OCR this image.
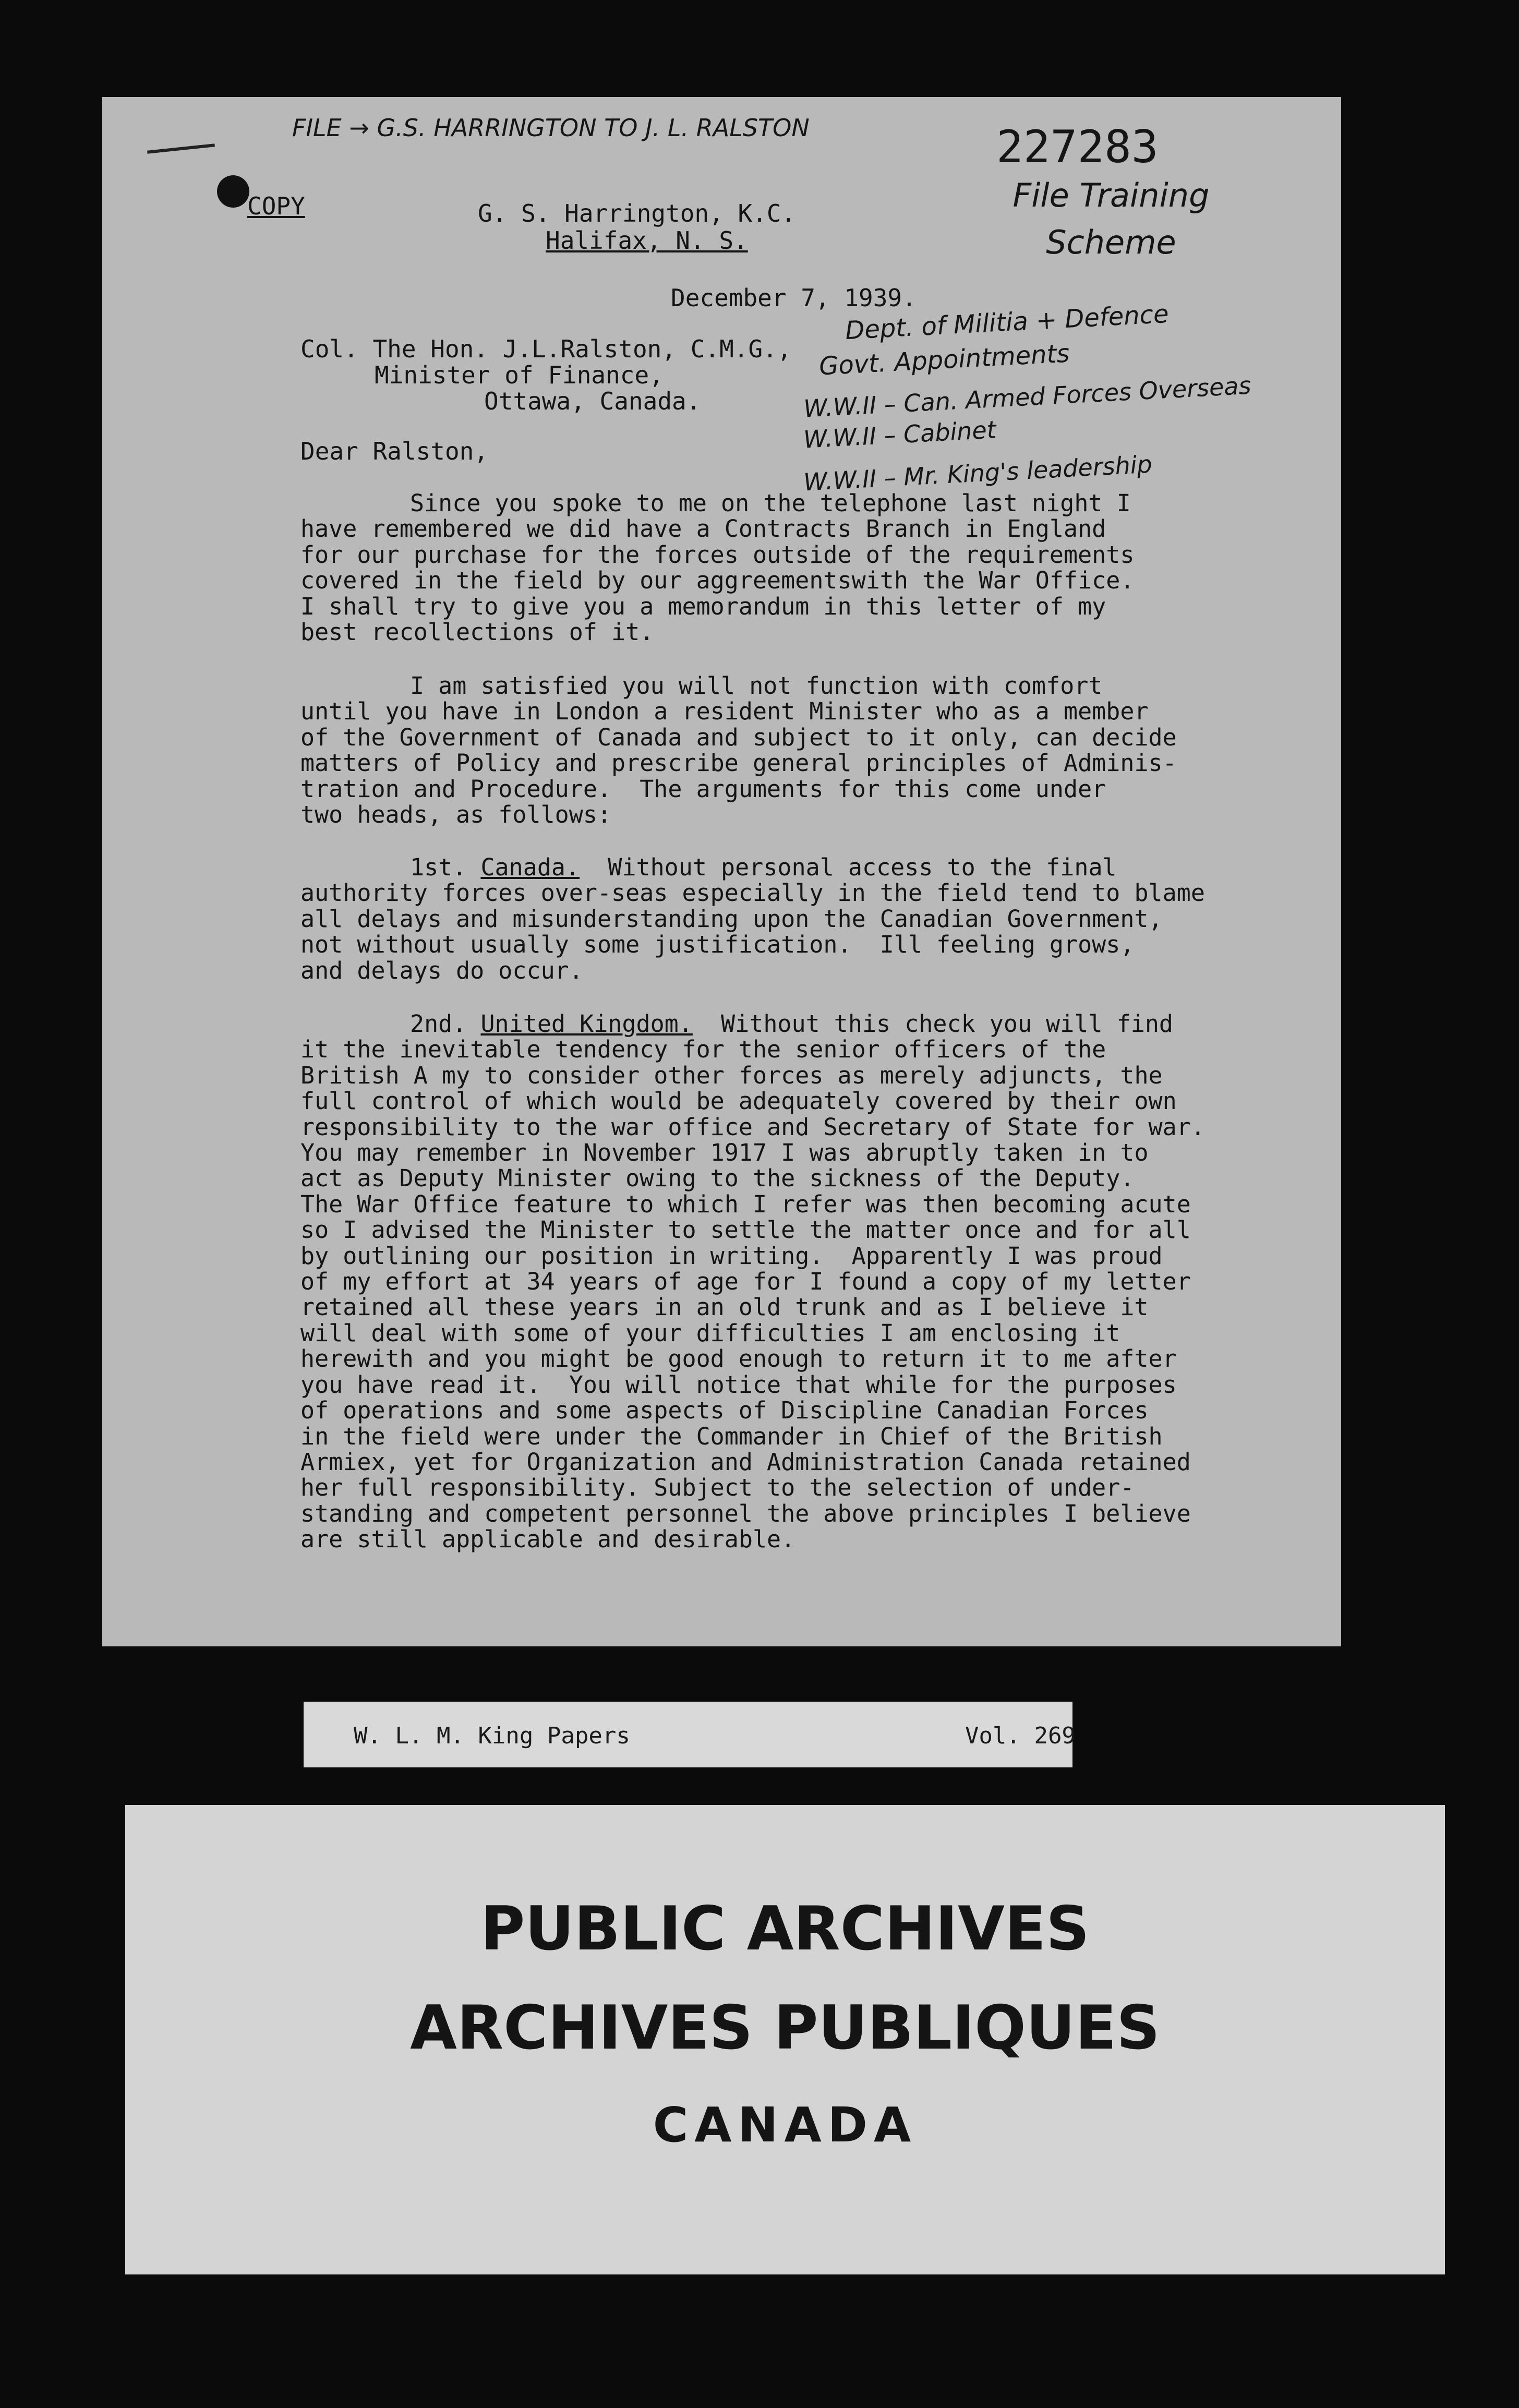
FILE → G.S. HARRINGTON TO J. L. RALSTON	227283
File Training Scheme
Dept. of Militia + Defence
Govt. Appointments
W.W.II – Can. Armed Forces Overseas
W.W.II – Cabinet
W.W.II – Mr. King's leadership
COPY	G. S. Harrington, K.C.
Halifax, N. S.
December 7, 1939.
Col. The Hon. J.L.Ralston, C.M.G.,
Minister of Finance,
Ottawa, Canada.
Dear Ralston,

Since you spoke to me on the telephone last night I

have remembered we did have a Contracts Branch in England

for our purchase for the forces outside of the requirements

covered in the field by our aggreementswith the War Office.

I shall try to give you a memorandum in this letter of my

best recollections of it.

I am satisfied you will not function with comfort

until you have in London a resident Minister who as a member

of the Government of Canada and subject to it only, can decide

matters of Policy and prescribe general principles of Adminis-

tration and Procedure.  The arguments for this come under

two heads, as follows:

1st. Canada.  Without personal access to the final

authority forces over-seas especially in the field tend to blame

all delays and misunderstanding upon the Canadian Government,

not without usually some justification.  Ill feeling grows,

and delays do occur.

2nd. United Kingdom.  Without this check you will find

it the inevitable tendency for the senior officers of the

British A my to consider other forces as merely adjuncts, the

full control of which would be adequately covered by their own

responsibility to the war office and Secretary of State for war.

You may remember in November 1917 I was abruptly taken in to

act as Deputy Minister owing to the sickness of the Deputy.

The War Office feature to which I refer was then becoming acute

so I advised the Minister to settle the matter once and for all

by outlining our position in writing.  Apparently I was proud

of my effort at 34 years of age for I found a copy of my letter

retained all these years in an old trunk and as I believe it

will deal with some of your difficulties I am enclosing it

herewith and you might be good enough to return it to me after

you have read it.  You will notice that while for the purposes

of operations and some aspects of Discipline Canadian Forces

in the field were under the Commander in Chief of the British

Armiex, yet for Organization and Administration Canada retained

her full responsibility. Subject to the selection of under-

standing and competent personnel the above principles I believe

are still applicable and desirable.

W. L. M. King Papers	Vol. 269
PUBLIC ARCHIVES
ARCHIVES PUBLIQUES
CANADA
